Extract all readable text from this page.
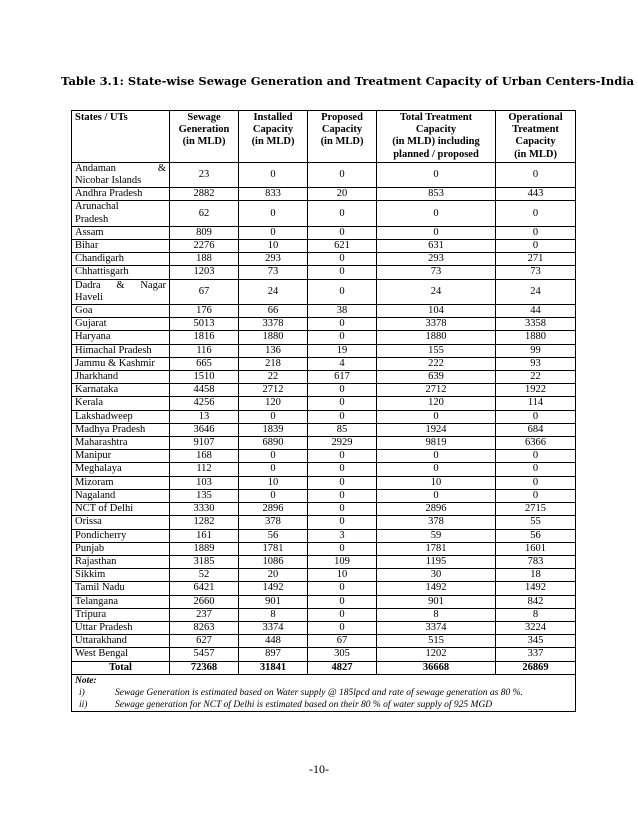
Table 3.1: State-wise Sewage Generation and Treatment Capacity of Urban Centers-India
States / UTs	Sewage
Generation
(in MLD)	Installed
Capacity
(in MLD)	Proposed
Capacity
(in MLD)	Total Treatment
Capacity
(in MLD) including
planned / proposed	Operational
Treatment
Capacity
(in MLD)

Andaman &
Nicobar Islands	23	0	0	0	0

Andhra Pradesh	2882	833	20	853	443

Arunachal
Pradesh	62	0	0	0	0

Assam	809	0	0	0	0

Bihar	2276	10	621	631	0

Chandigarh	188	293	0	293	271

Chhattisgarh	1203	73	0	73	73

Dadra & Nagar
Haveli	67	24	0	24	24

Goa	176	66	38	104	44

Gujarat	5013	3378	0	3378	3358

Haryana	1816	1880	0	1880	1880

Himachal Pradesh	116	136	19	155	99

Jammu & Kashmir	665	218	4	222	93

Jharkhand	1510	22	617	639	22

Karnataka	4458	2712	0	2712	1922

Kerala	4256	120	0	120	114

Lakshadweep	13	0	0	0	0

Madhya Pradesh	3646	1839	85	1924	684

Maharashtra	9107	6890	2929	9819	6366

Manipur	168	0	0	0	0

Meghalaya	112	0	0	0	0

Mizoram	103	10	0	10	0

Nagaland	135	0	0	0	0

NCT of Delhi	3330	2896	0	2896	2715

Orissa	1282	378	0	378	55

Pondicherry	161	56	3	59	56

Punjab	1889	1781	0	1781	1601

Rajasthan	3185	1086	109	1195	783

Sikkim	52	20	10	30	18

Tamil Nadu	6421	1492	0	1492	1492

Telangana	2660	901	0	901	842

Tripura	237	8	0	8	8

Uttar Pradesh	8263	3374	0	3374	3224

Uttarakhand	627	448	67	515	345

West Bengal	5457	897	305	1202	337
Total	72368	31841	4827	36668	26869

Note:
i) Sewage Generation is estimated based on Water supply @ 185lpcd and rate of sewage generation as 80 %.
ii) Sewage generation for NCT of Delhi is estimated based on their 80 % of water supply of 925 MGD					
-10-
